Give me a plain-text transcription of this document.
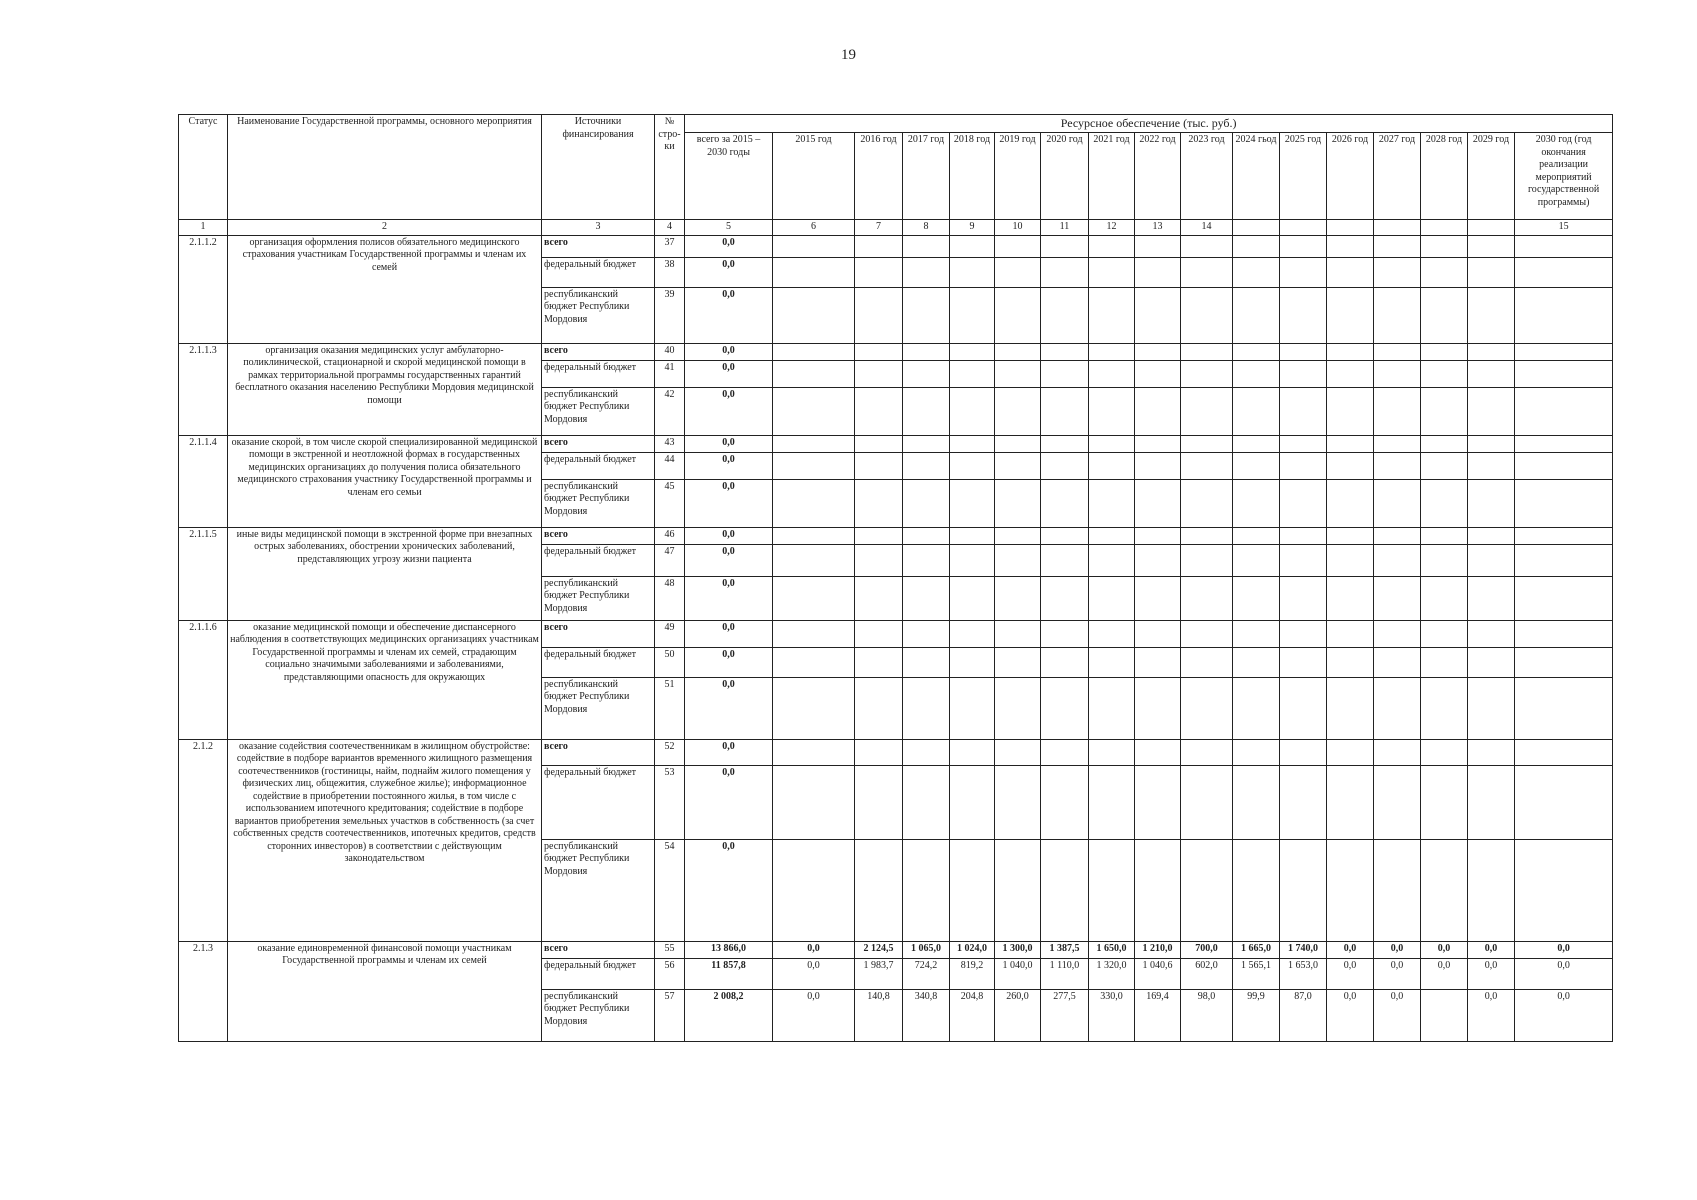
19
Статус	Наименование Государственной программы, основного мероприятия	Источники финансирования	№ стро- ки	Ресурсное обеспечение (тыс. руб.)																
				всего за 2015 – 2030 годы	2015 год	2016 год	2017 год	2018 год	2019 год	2020 год	2021 год	2022 год	2023 год	2024 гьод	2025 год	2026 год	2027 год	2028 год	2029 год	2030 год (год окончания реализации мероприятий государственной программы)
1	2	3	4	5	6	7	8	9	10	11	12	13	14							15
2.1.1.2	организация оформления полисов обязательного медицинского страхования участникам Государственной программы и членам их семей	всего	37	0,0																
		федеральный бюджет	38	0,0																
		республиканский бюджет Республики Мордовия	39	0,0																
2.1.1.3	организация оказания медицинских услуг амбулаторно-поликлинической, стационарной и скорой медицинской помощи в рамках территориальной программы государственных гарантий бесплатного оказания населению Республики Мордовия медицинской помощи	всего	40	0,0																
		федеральный бюджет	41	0,0																
		республиканский бюджет Республики Мордовия	42	0,0																
2.1.1.4	оказание скорой, в том числе скорой специализированной медицинской помощи в экстренной и неотложной формах в государственных медицинских организациях до получения полиса обязательного медицинского страхования участнику Государственной программы и членам его семьи	всего	43	0,0																
		федеральный бюджет	44	0,0																
		республиканский бюджет Республики Мордовия	45	0,0																
2.1.1.5	иные виды медицинской помощи в экстренной форме при внезапных острых заболеваниях, обострении хронических заболеваний, представляющих угрозу жизни пациента	всего	46	0,0																
		федеральный бюджет	47	0,0																
		республиканский бюджет Республики Мордовия	48	0,0																
2.1.1.6	оказание медицинской помощи и обеспечение диспансерного наблюдения в соответствующих медицинских организациях участникам Государственной программы и членам их семей, страдающим социально значимыми заболеваниями и заболеваниями, представляющими опасность для окружающих	всего	49	0,0																
		федеральный бюджет	50	0,0																
		республиканский бюджет Республики Мордовия	51	0,0																
2.1.2	оказание содействия соотечественникам в жилищном обустройстве: содействие в подборе вариантов временного жилищного размещения соотечественников (гостиницы, найм, поднайм жилого помещения у физических лиц, общежития, служебное жилье); информационное содействие в приобретении постоянного жилья, в том числе с использованием ипотечного кредитования; содействие в подборе вариантов приобретения земельных участков в собственность (за счет собственных средств соотечественников, ипотечных кредитов, средств сторонних инвесторов) в соответствии с действующим законодательством	всего	52	0,0																
		федеральный бюджет	53	0,0																
		республиканский бюджет Республики Мордовия	54	0,0																
2.1.3	оказание единовременной финансовой помощи участникам Государственной программы и членам их семей	всего	55	13 866,0	0,0	2 124,5	1 065,0	1 024,0	1 300,0	1 387,5	1 650,0	1 210,0	700,0	1 665,0	1 740,0	0,0	0,0	0,0	0,0	0,0
		федеральный бюджет	56	11 857,8	0,0	1 983,7	724,2	819,2	1 040,0	1 110,0	1 320,0	1 040,6	602,0	1 565,1	1 653,0	0,0	0,0	0,0	0,0	0,0
		республиканский бюджет Республики Мордовия	57	2 008,2	0,0	140,8	340,8	204,8	260,0	277,5	330,0	169,4	98,0	99,9	87,0	0,0	0,0		0,0	0,0
